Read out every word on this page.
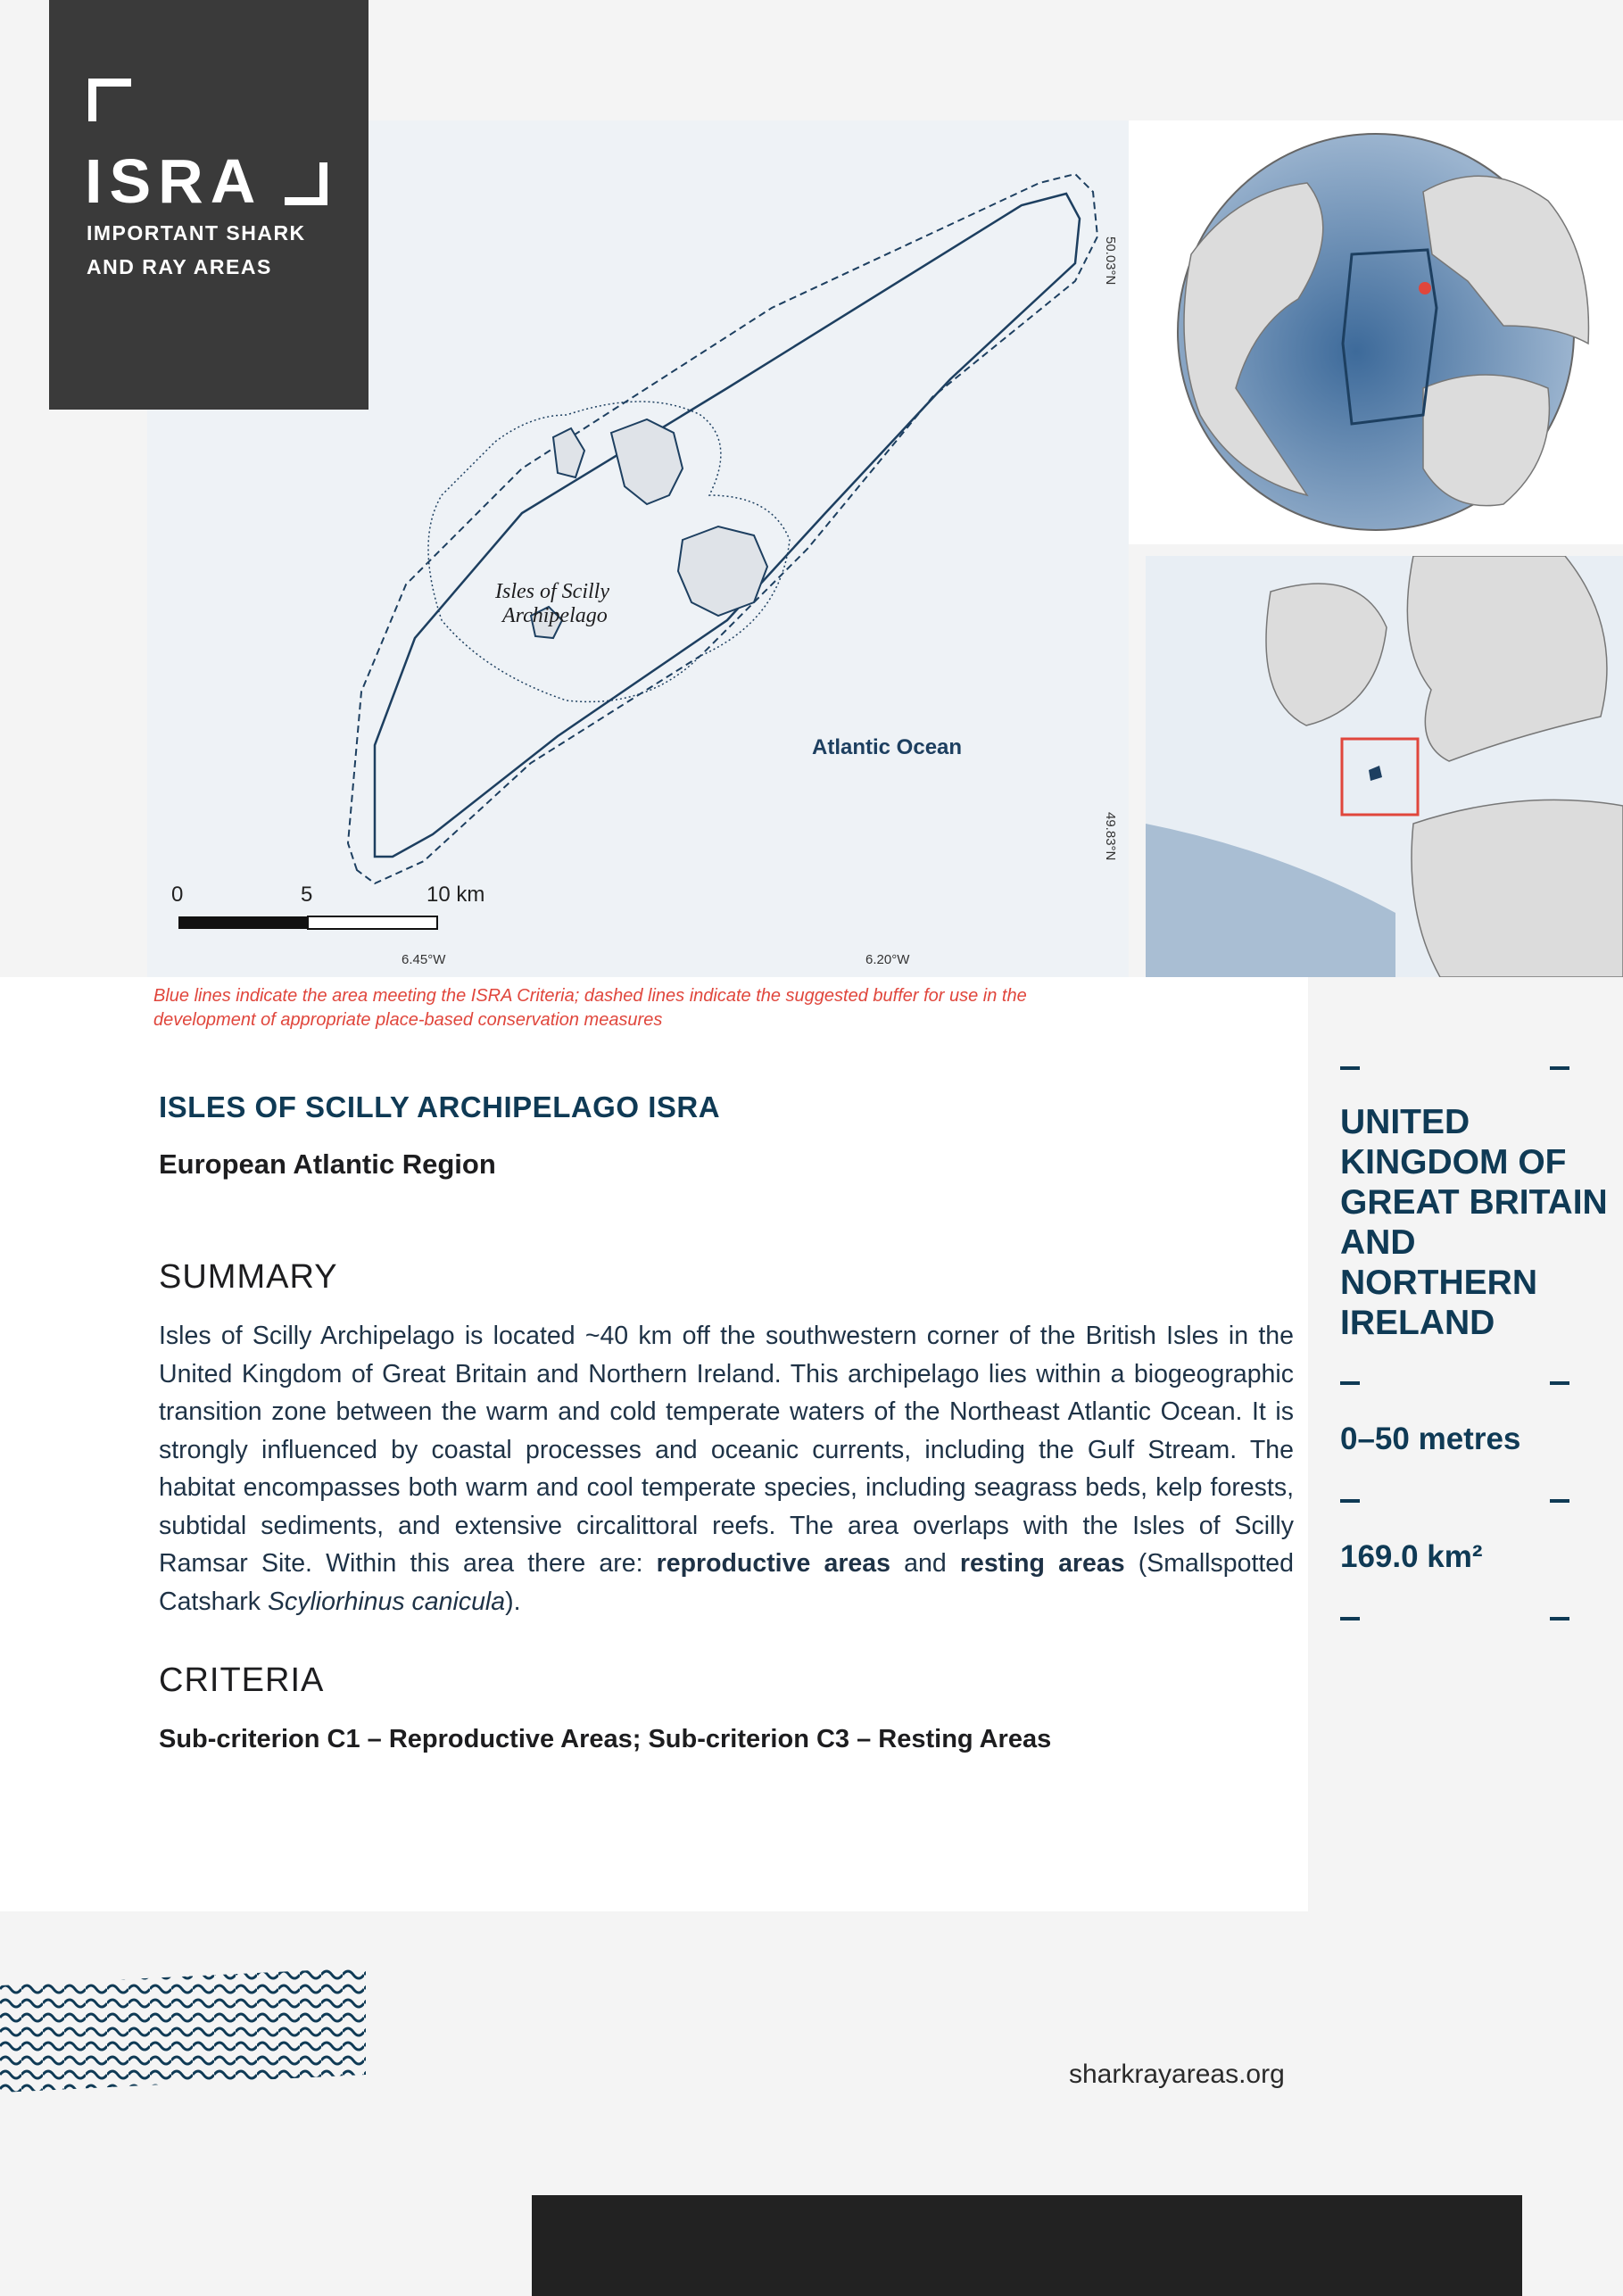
Isles of Scilly
Archipelago
Atlantic Ocean
50.03°N
49.83°N
6.45°W	6.20°W
0	5	10 km
ISRA
IMPORTANT SHARK
AND RAY AREAS
Blue lines indicate the area meeting the ISRA Criteria; dashed lines indicate the suggested buffer for use in the development of appropriate place-based conservation measures
ISLES OF SCILLY ARCHIPELAGO ISRA
European Atlantic Region
SUMMARY
Isles of Scilly Archipelago is located ~40 km off the southwestern corner of the British Isles in the United Kingdom of Great Britain and Northern Ireland. This archipelago lies within a biogeographic transition zone between the warm and cold temperate waters of the Northeast Atlantic Ocean. It is strongly influenced by coastal processes and oceanic currents, including the Gulf Stream. The habitat encompasses both warm and cool temperate species, including seagrass beds, kelp forests, subtidal sediments, and extensive circalittoral reefs. The area overlaps with the Isles of Scilly Ramsar Site. Within this area there are: reproductive areas and resting areas (Smallspotted Catshark Scyliorhinus canicula).
CRITERIA
Sub-criterion C1 – Reproductive Areas; Sub-criterion C3 – Resting Areas
UNITED KINGDOM OF GREAT BRITAIN AND NORTHERN IRELAND
0–50 metres
169.0 km²
sharkrayareas.org
